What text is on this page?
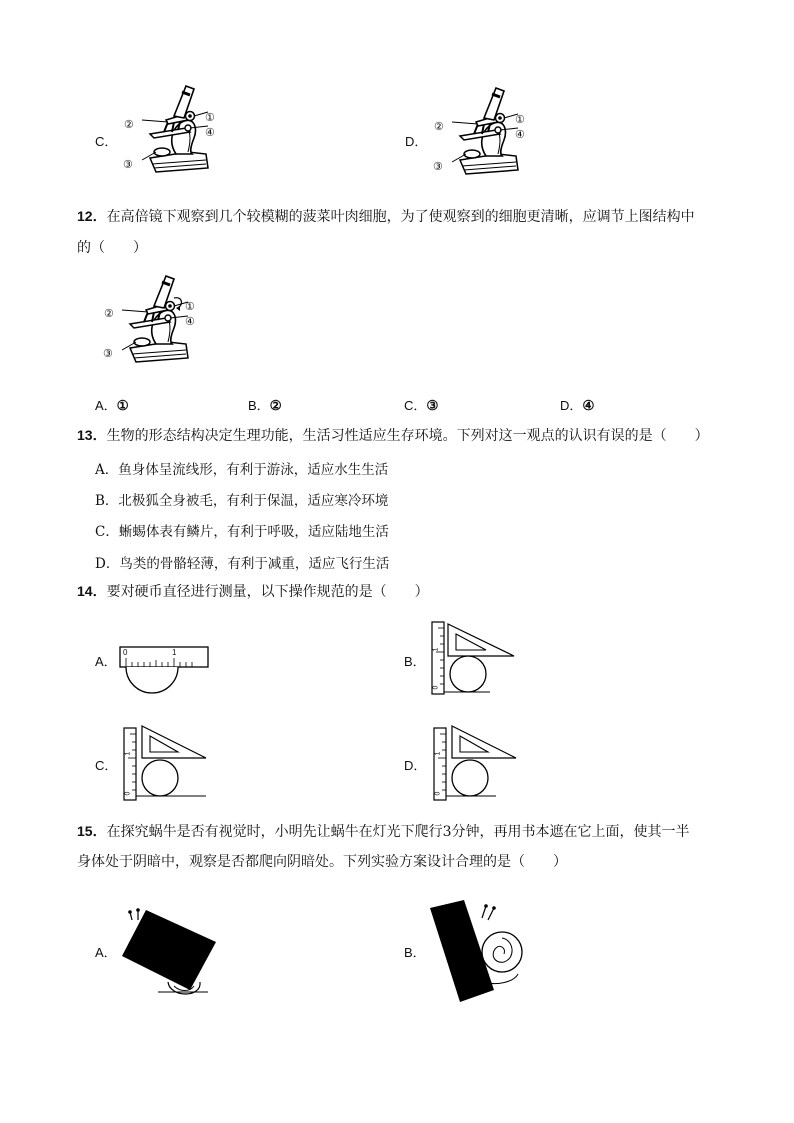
C．
②
①
④
③
D．
②
①
④
③
12．在高倍镜下观察到几个较模糊的菠菜叶肉细胞，为了使观察到的细胞更清晰，应调节上图结构中
的（　　）
②
①
④
③
A．①	B．②	C．③	D．④
13．生物的形态结构决定生理功能，生活习性适应生存环境。下列对这一观点的认识有误的是（　　）
A．鱼身体呈流线形，有利于游泳，适应水生生活
B．北极狐全身被毛，有利于保温，适应寒冷环境
C．蜥蜴体表有鳞片，有利于呼吸，适应陆地生活
D．鸟类的骨骼轻薄，有利于减重，适应飞行生活
14．要对硬币直径进行测量，以下操作规范的是（　　）
A．
0	1
B．
1
0
C．
1
0
D．
1
0
15．在探究蜗牛是否有视觉时，小明先让蜗牛在灯光下爬行3分钟，再用书本遮在它上面，使其一半
身体处于阴暗中，观察是否都爬向阴暗处。下列实验方案设计合理的是（　　）
A．	B．
